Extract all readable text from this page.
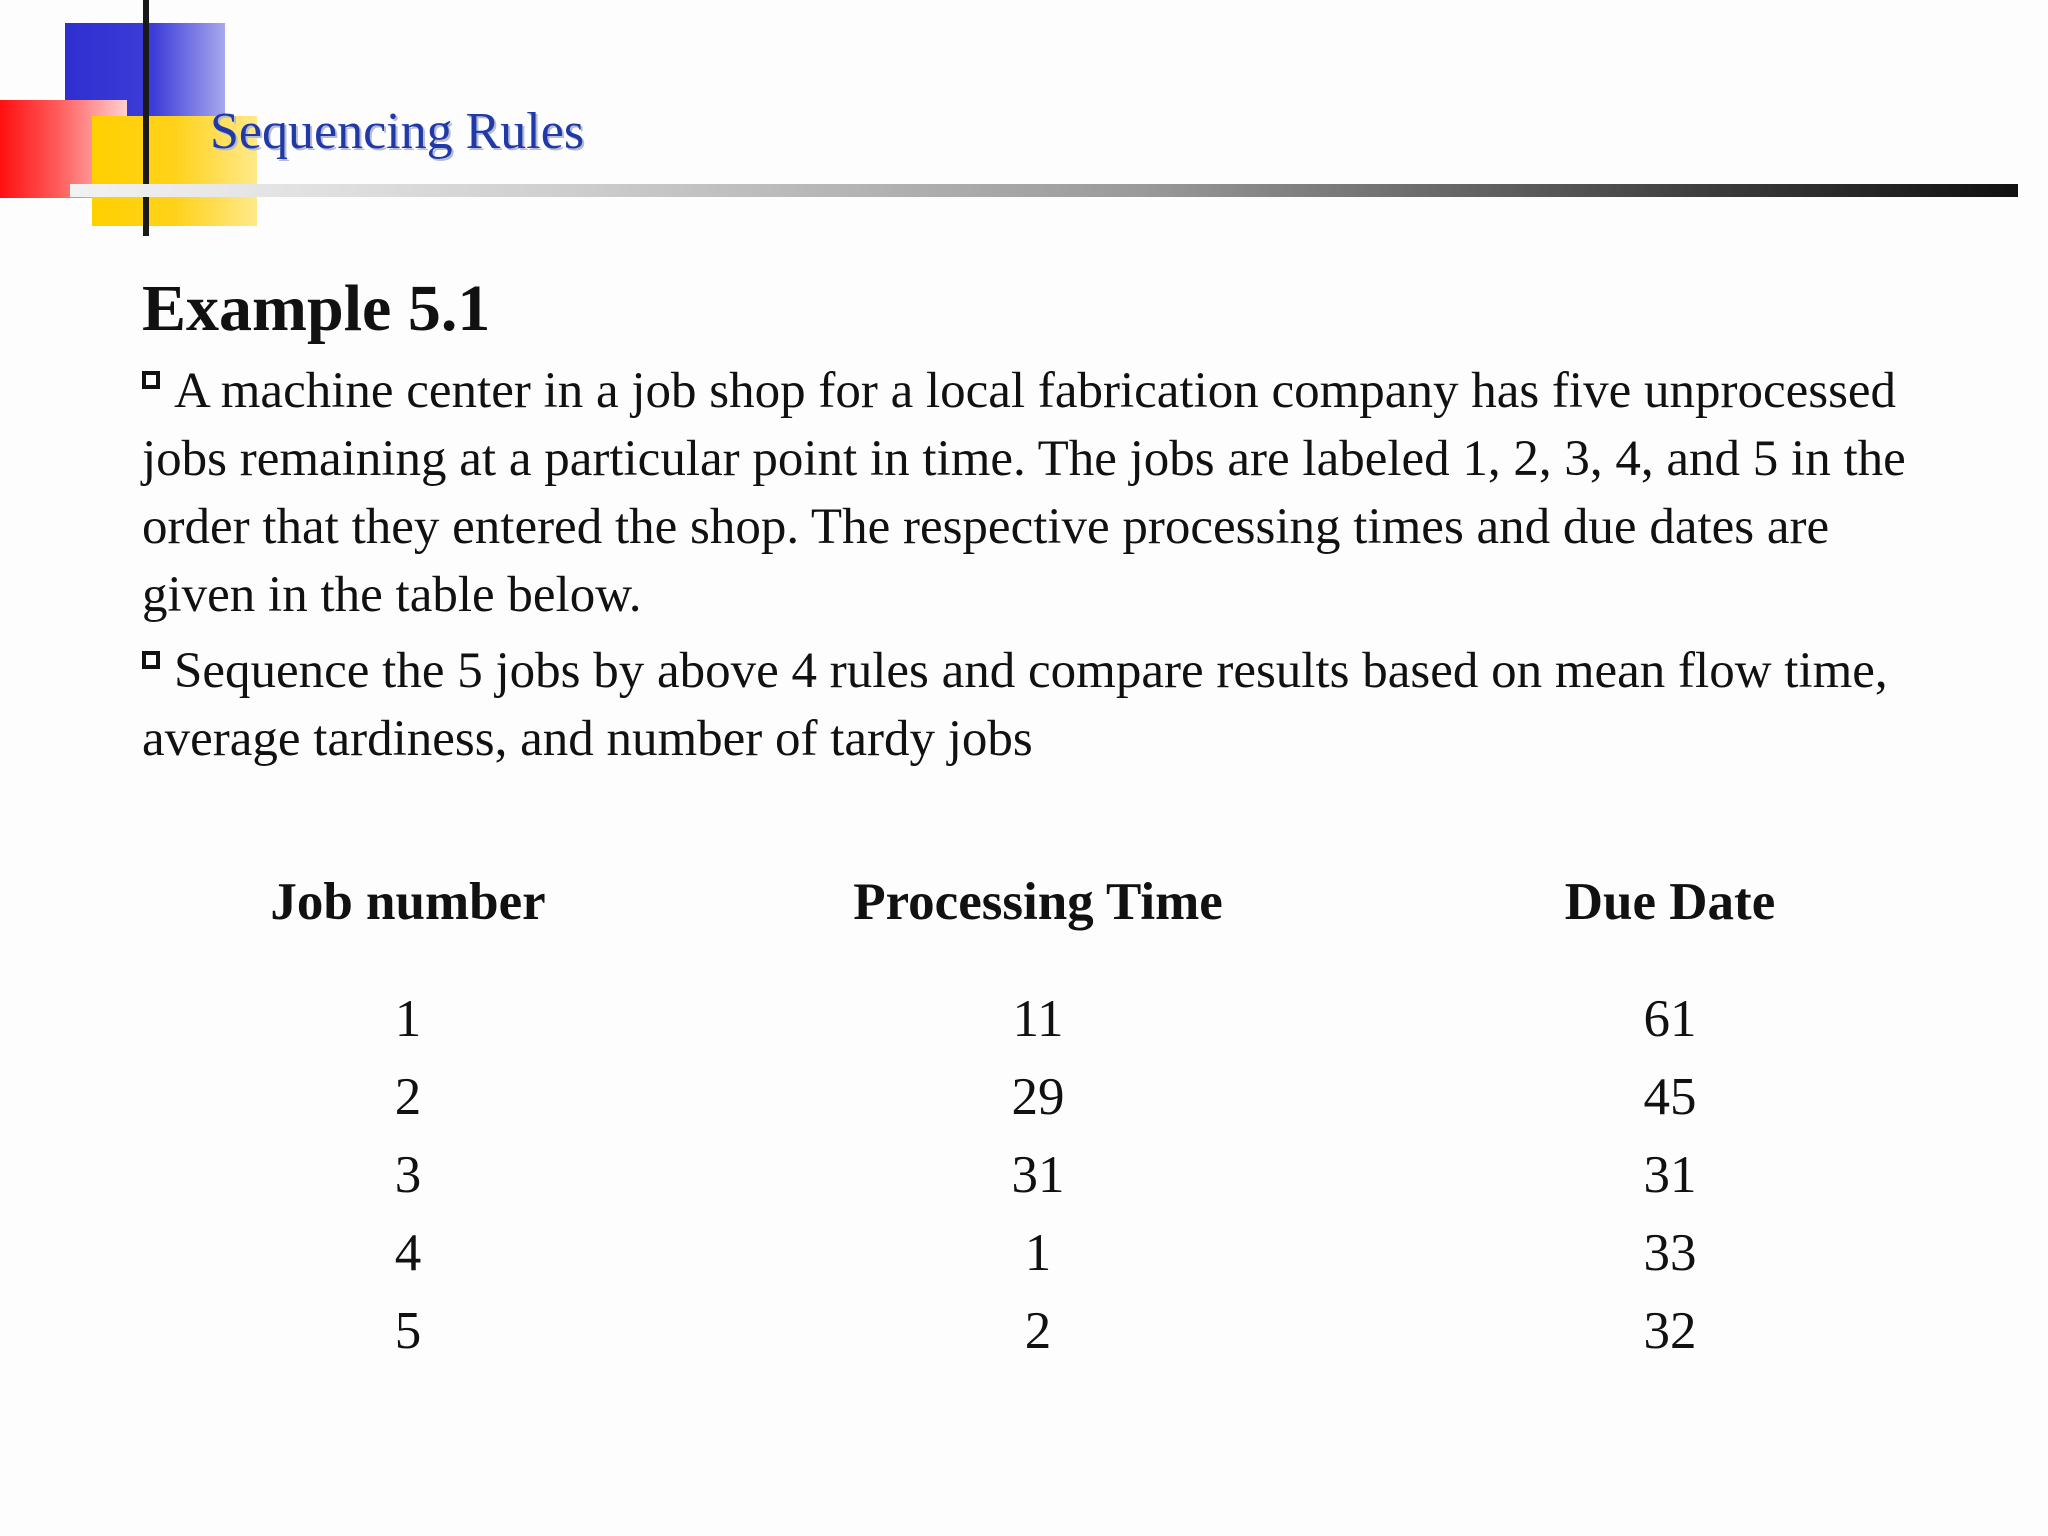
Sequencing Rules
Example 5.1

A machine center in a job shop for a local fabrication company has five unprocessed jobs remaining at a particular point in time. The jobs are labeled 1, 2, 3, 4, and 5 in the order that they entered the shop. The respective processing times and due dates are given in the table below.

Sequence the 5 jobs by above 4 rules and compare results based on mean flow time, average tardiness, and number of tardy jobs

Job number	Processing Time	Due Date
1	11	61
2	29	45
3	31	31
4	1	33
5	2	32
